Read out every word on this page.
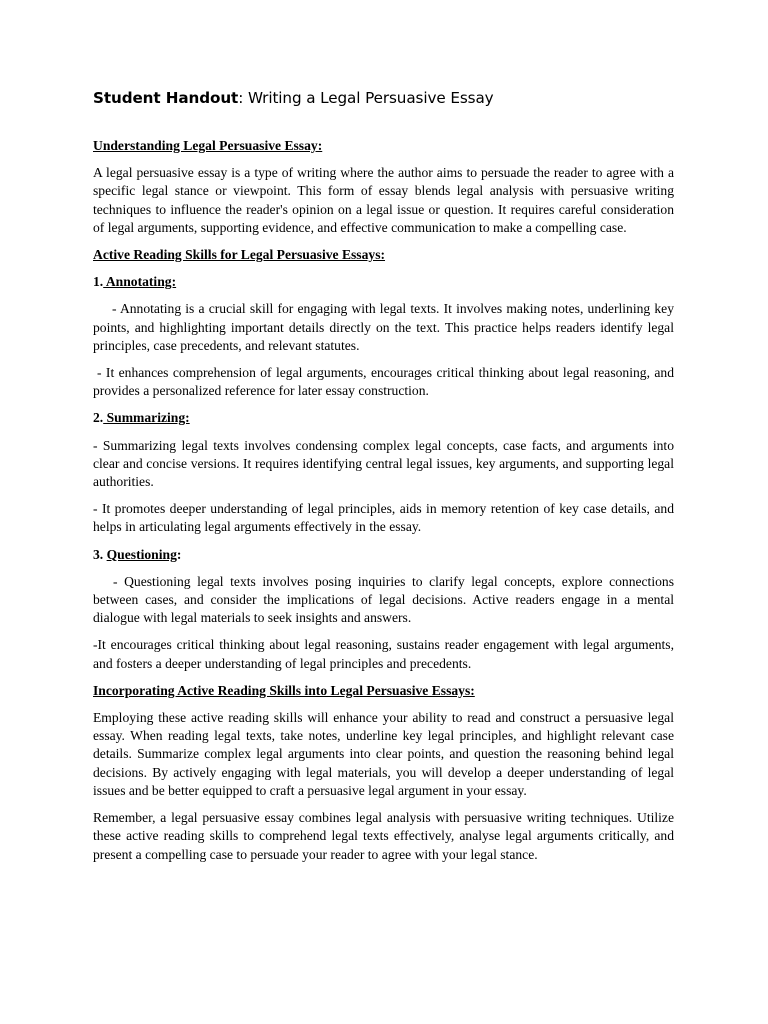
Student Handout: Writing a Legal Persuasive Essay
Understanding Legal Persuasive Essay:

A legal persuasive essay is a type of writing where the author aims to persuade the reader to agree with a specific legal stance or viewpoint. This form of essay blends legal analysis with persuasive writing techniques to influence the reader's opinion on a legal issue or question. It requires careful consideration of legal arguments, supporting evidence, and effective communication to make a compelling case.

Active Reading Skills for Legal Persuasive Essays:
1. Annotating:

- Annotating is a crucial skill for engaging with legal texts. It involves making notes, underlining key points, and highlighting important details directly on the text. This practice helps readers identify legal principles, case precedents, and relevant statutes.

- It enhances comprehension of legal arguments, encourages critical thinking about legal reasoning, and provides a personalized reference for later essay construction.

2. Summarizing:

- Summarizing legal texts involves condensing complex legal concepts, case facts, and arguments into clear and concise versions. It requires identifying central legal issues, key arguments, and supporting legal authorities.

- It promotes deeper understanding of legal principles, aids in memory retention of key case details, and helps in articulating legal arguments effectively in the essay.

3. Questioning:

- Questioning legal texts involves posing inquiries to clarify legal concepts, explore connections between cases, and consider the implications of legal decisions. Active readers engage in a mental dialogue with legal materials to seek insights and answers.

-It encourages critical thinking about legal reasoning, sustains reader engagement with legal arguments, and fosters a deeper understanding of legal principles and precedents.

Incorporating Active Reading Skills into Legal Persuasive Essays:

Employing these active reading skills will enhance your ability to read and construct a persuasive legal essay. When reading legal texts, take notes, underline key legal principles, and highlight relevant case details. Summarize complex legal arguments into clear points, and question the reasoning behind legal decisions. By actively engaging with legal materials, you will develop a deeper understanding of legal issues and be better equipped to craft a persuasive legal argument in your essay.

Remember, a legal persuasive essay combines legal analysis with persuasive writing techniques. Utilize these active reading skills to comprehend legal texts effectively, analyse legal arguments critically, and present a compelling case to persuade your reader to agree with your legal stance.
